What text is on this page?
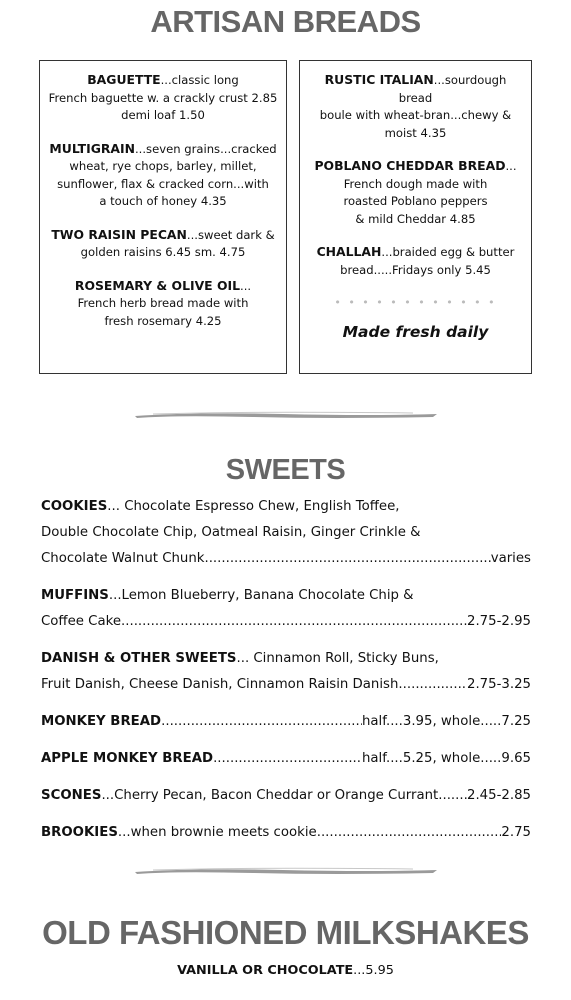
ARTISAN BREADS
BAGUETTE...classic long
French baguette w. a crackly crust 2.85
demi loaf 1.50
MULTIGRAIN...seven grains...cracked
wheat, rye chops, barley, millet,
sunflower, flax & cracked corn...with
a touch of honey 4.35
TWO RAISIN PECAN...sweet dark &
golden raisins 6.45 sm. 4.75
ROSEMARY & OLIVE OIL...
French herb bread made with
fresh rosemary 4.25
RUSTIC ITALIAN...sourdough bread
boule with wheat-bran...chewy &
moist 4.35
POBLANO CHEDDAR BREAD...
French dough made with
roasted Poblano peppers
& mild Cheddar 4.85
CHALLAH...braided egg & butter
bread.....Fridays only 5.45
• • • • • • • • • • • •
Made fresh daily
SWEETS
COOKIES... Chocolate Espresso Chew, English Toffee,
Double Chocolate Chip, Oatmeal Raisin, Ginger Crinkle &
Chocolate Walnut Chunk .....	varies
MUFFINS...Lemon Blueberry, Banana Chocolate Chip &
Coffee Cake .....	2.75-2.95
DANISH & OTHER SWEETS... Cinnamon Roll, Sticky Buns,
Fruit Danish, Cheese Danish, Cinnamon Raisin Danish .....	2.75-3.25
MONKEY BREAD .....	half....3.95, whole.....7.25
APPLE MONKEY BREAD .....	half....5.25, whole.....9.65
SCONES ...Cherry Pecan, Bacon Cheddar or Orange Currant ..... 2.45-2.85
BROOKIES ...when brownie meets cookie .....	2.75
OLD FASHIONED MILKSHAKES
VANILLA OR CHOCOLATE...5.95
